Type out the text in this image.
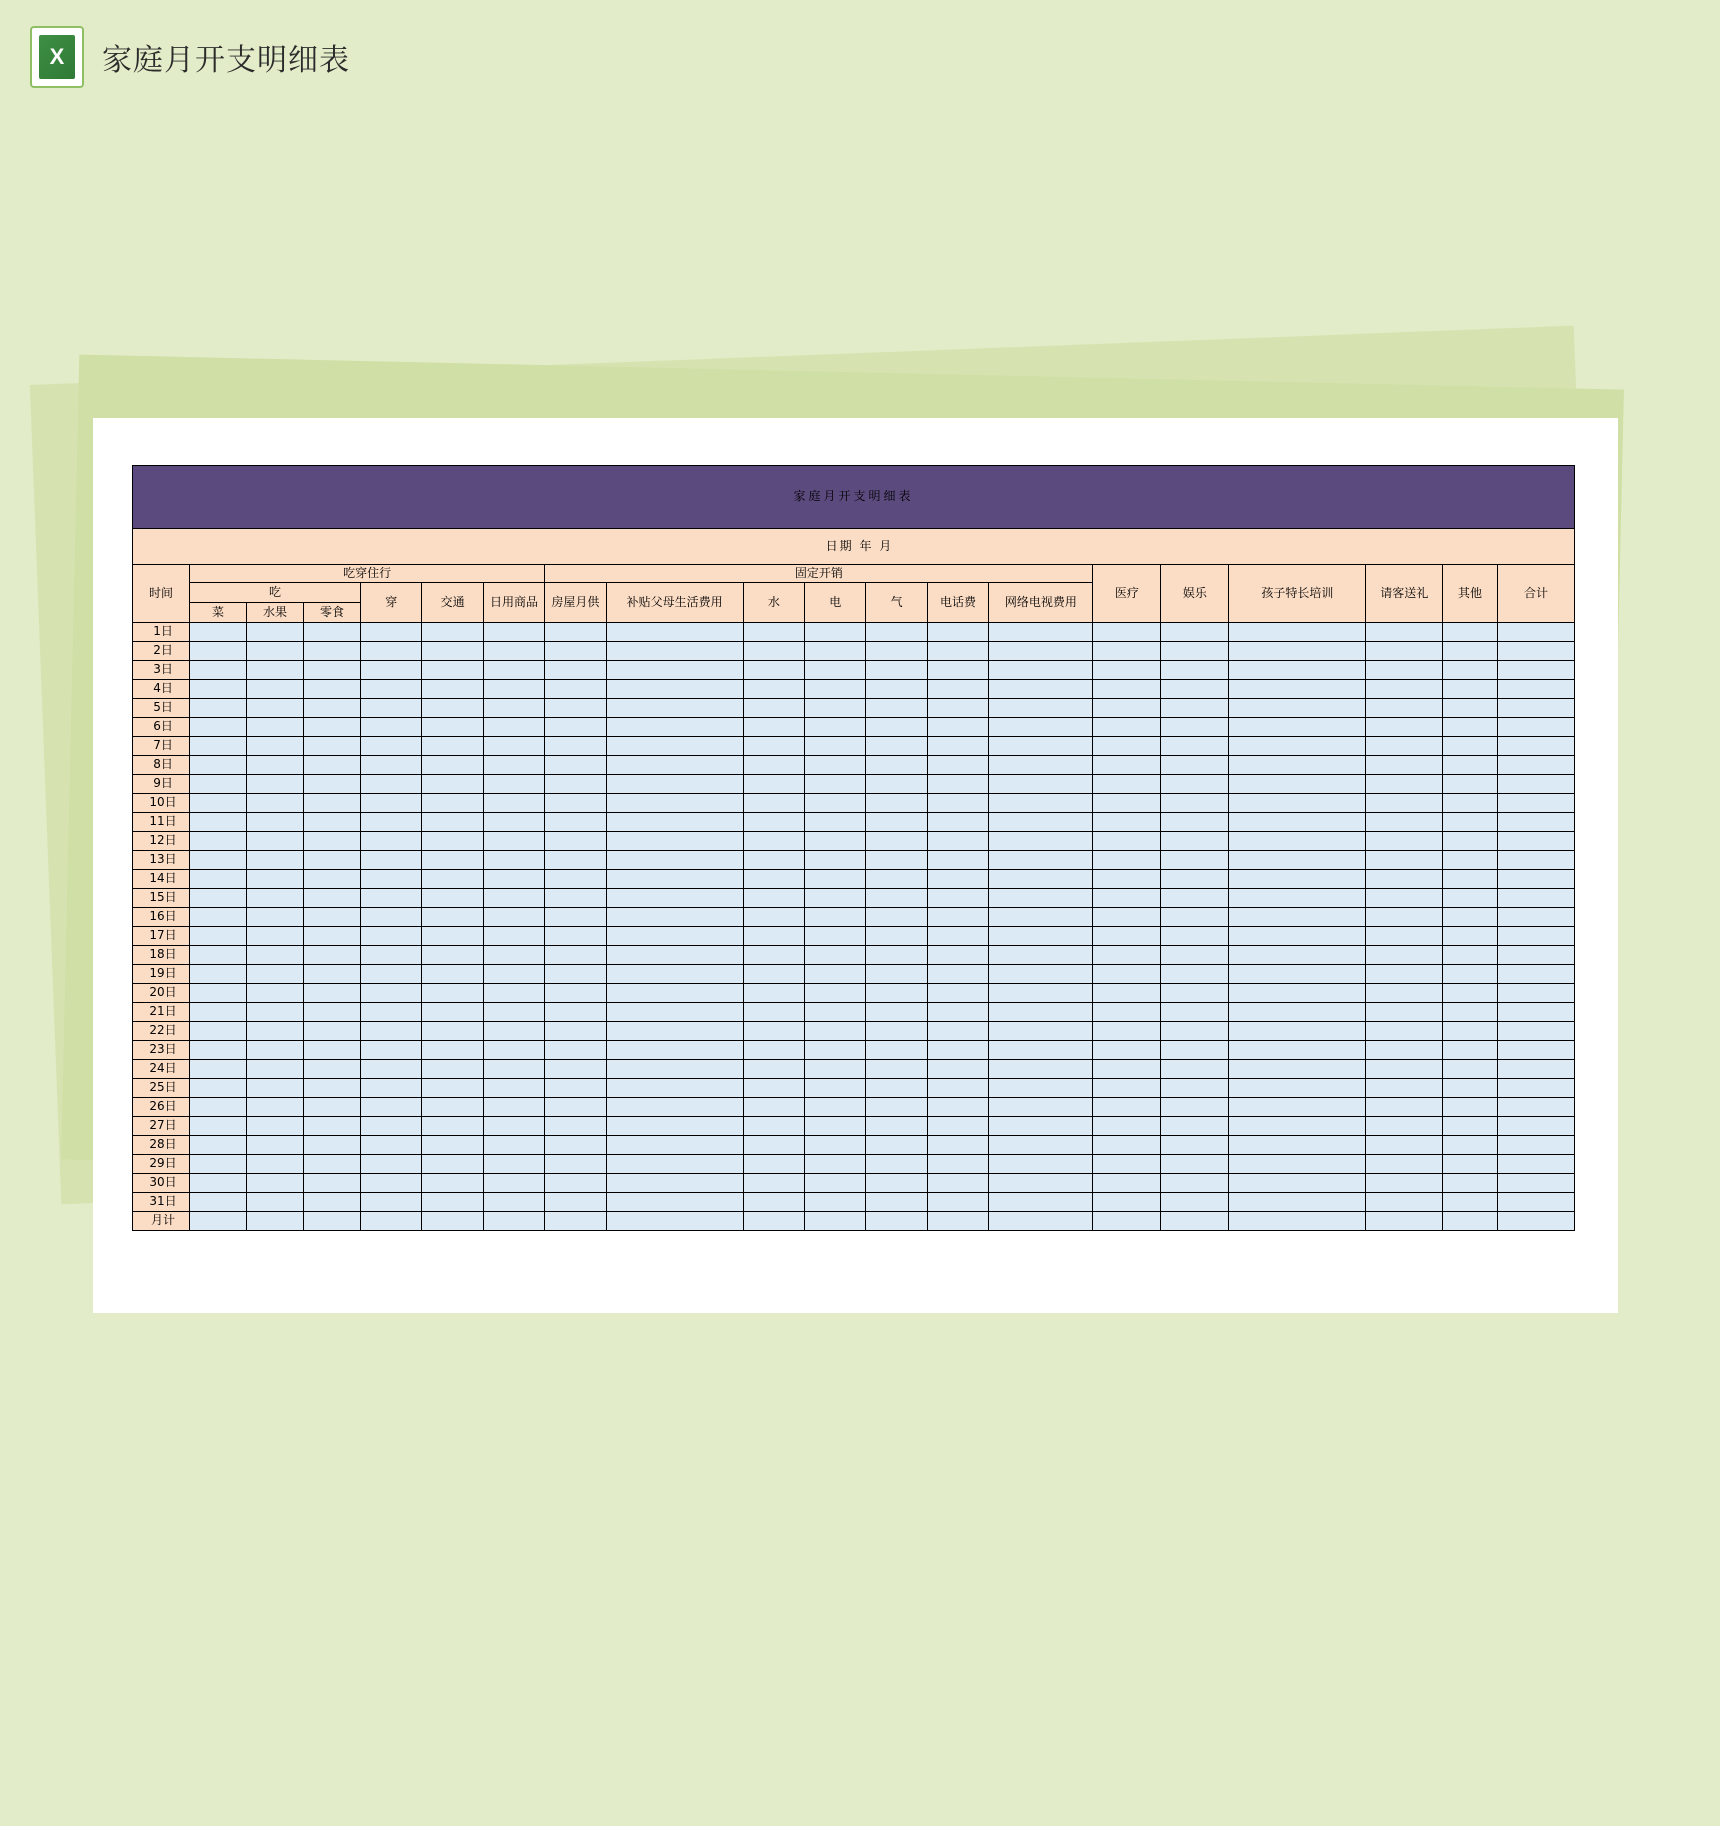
X
家庭月开支明细表
家庭月开支明细表																			
日期 年 月																			
时间	吃穿住行						固定开销							医疗	娱乐	孩子特长培训	请客送礼	其他	合计
	吃			穿	交通	日用商品	房屋月供	补贴父母生活费用	水	电	气	电话费	网络电视费用						
	菜	水果	零食																
1日																			
2日																			
3日																			
4日																			
5日																			
6日																			
7日																			
8日																			
9日																			
10日																			
11日																			
12日																			
13日																			
14日																			
15日																			
16日																			
17日																			
18日																			
19日																			
20日																			
21日																			
22日																			
23日																			
24日																			
25日																			
26日																			
27日																			
28日																			
29日																			
30日																			
31日																			
月计																			
